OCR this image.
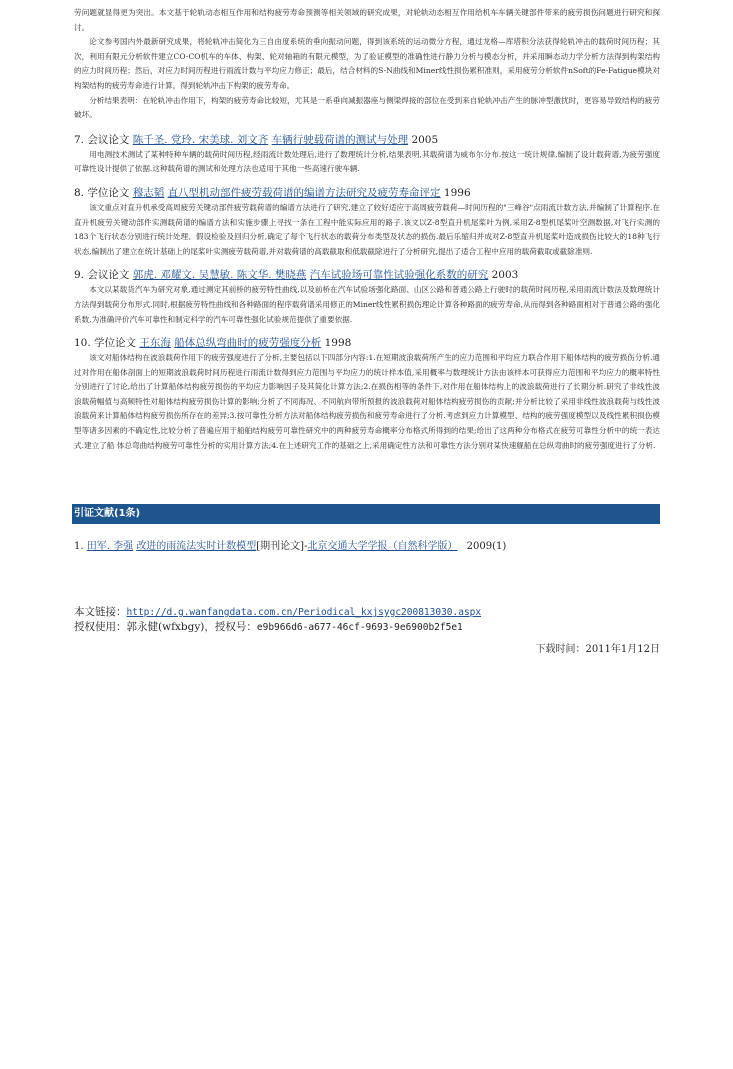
劳问题就显得更为突出。本文基于轮轨动态相互作用和结构疲劳寿命预测等相关领域的研究成果，对轮轨动态相互作用给机车车辆关键部件带来的疲劳损伤问题进行研究和探讨。

论文参考国内外最新研究成果，将轮轨冲击简化为三自由度系统的垂向振动问题，得到该系统的运动微分方程，通过龙格—库塔积分法获得轮轨冲击的载荷时间历程；其次，利用有限元分析软件建立CO-CO机车的车体、构架、轮对轴箱的有限元模型，为了验证模型的准确性进行静力分析与模态分析，并采用瞬态动力学分析方法得到构架结构的应力时间历程；然后，对应力时间历程进行雨流计数与平均应力修正；最后，结合材料的S-N曲线和Miner线性损伤累积准则，采用疲劳分析软件nSoft的Fe-Fatigue模块对构架结构的疲劳寿命进行计算，得到轮轨冲击下构架的疲劳寿命。

分析结果表明：在轮轨冲击作用下，构架的疲劳寿命比较短，尤其是一系垂向减振器座与侧梁焊接的部位在受到来自轮轨冲击产生的脉冲型激扰时，更容易导致结构的疲劳破坏。

7. 会议论文 陈千圣. 党玲. 宋美球. 刘文齐 车辆行驶载荷谱的测试与处理 2005

用电测技术测试了某种特种车辆的载荷时间历程,经雨流计数处理后,进行了数理统计分析,结果表明,其载荷谱为威布尔分布.按这一统计规律,编制了设计载荷谱,为疲劳强度可靠性设计提供了依据.这种载荷谱的测试和处理方法也适用于其他一些高速行驶车辆.

8. 学位论文 穆志韬 直八型机动部件疲劳载荷谱的编谱方法研究及疲劳寿命评定 1996

该文重点对直升机承受高周疲劳关键动部件疲劳载荷谱的编谱方法进行了研究,建立了较好适应于高周疲劳载荷—时间历程的"三峰谷"点雨流计数方法,并编制了计算程序.在直升机疲劳关键动部件实测载荷谱的编谱方法和实施步骤上寻找一条在工程中能实际应用的路子.该文以Z-8型直升机尾桨叶为例,采用Z-8型机尾桨叶空测数据,对飞行实测的183个飞行状态分别进行统计处理、假设检验及回归分析,确定了每个飞行状态的载荷分布类型及状态的损伤.最后乐缩归并成对Z-8型直升机尾桨叶造成损伤比较大的18种飞行状态,编制出了建立在统计基础上的尾桨叶实测疲劳载荷谱,并对载荷谱的高载截取和低载截除进行了分析研究,提出了适合工程中应用的载荷截取或截除准则.

9. 会议论文 郭虎. 邓耀文. 吴慧敏. 陈文华. 樊晓燕 汽车试验场可靠性试验强化系数的研究 2003

本文以某载货汽车为研究对象,通过测定其前桥的疲劳特性曲线,以及前桥在汽车试验场强化路面、山区公路和普通公路上行驶时的载荷时间历程,采用雨流计数法及数理统计方法得到载荷分布形式.同时,根据疲劳特性曲线和各种路面的程序载荷谱采用修正的Miner线性累积损伤理论计算各种路面的疲劳寿命,从而得到各种路面相对于普通公路的强化系数,为准确评价汽车可靠性和制定科学的汽车可靠性强化试验规范提供了重要依据.

10. 学位论文 王东海 船体总纵弯曲时的疲劳强度分析 1998

该文对船体结构在波浪载荷作用下的疲劳强度进行了分析,主要包括以下四部分内容:1.在短期波浪载荷所产生的应力范围和平均应力联合作用下船体结构的疲劳损伤分析.通过对作用在船体剖面上的短期波浪载荷时间历程进行雨流计数得到应力范围与平均应力的统计样本值,采用概率与数理统计方法由该样本可获得应力范围和平均应力的概率特性分别进行了讨论,给出了计算船体结构疲劳损伤的平均应力影响因子及其简化计算方法;2.在损伤相等的条件下,对作用在船体结构上的波浪载荷进行了长期分析.研究了非线性波浪载荷幅值与高频特性对船体结构疲劳损伤计算的影响;分析了不同海况、不同航向带所预报的波浪载荷对船体结构疲劳损伤的贡献;并分析比较了采用非线性波浪载荷与线性波浪载荷来计算船体结构疲劳损伤所存在的差异;3.按可靠性分析方法对船体结构疲劳损伤和疲劳寿命进行了分析.考虑到应力计算模型、结构的疲劳强度模型以及线性累积损伤模型等诸多因素的不确定性,比较分析了普遍应用于船舶结构疲劳可靠性研究中的两种疲劳寿命概率分布格式所得到的结果;给出了这两种分布格式在疲劳可靠性分析中的统一表达式.建立了船 体总弯曲结构疲劳可靠性分析的实用计算方法;4.在上述研究工作的基础之上,采用确定性方法和可靠性方法分别对某快速舰船在总纵弯曲时的疲劳强度进行了分析.

引证文献(1条)
1. 田军. 李强 改进的雨流法实时计数模型[期刊论文]-北京交通大学学报（自然科学版） 2009(1)
本文链接：http://d.g.wanfangdata.com.cn/Periodical_kxjsygc200813030.aspx
授权使用：郭永健(wfxbgy)，授权号：e9b966d6-a677-46cf-9693-9e6900b2f5e1
下载时间：2011年1月12日
